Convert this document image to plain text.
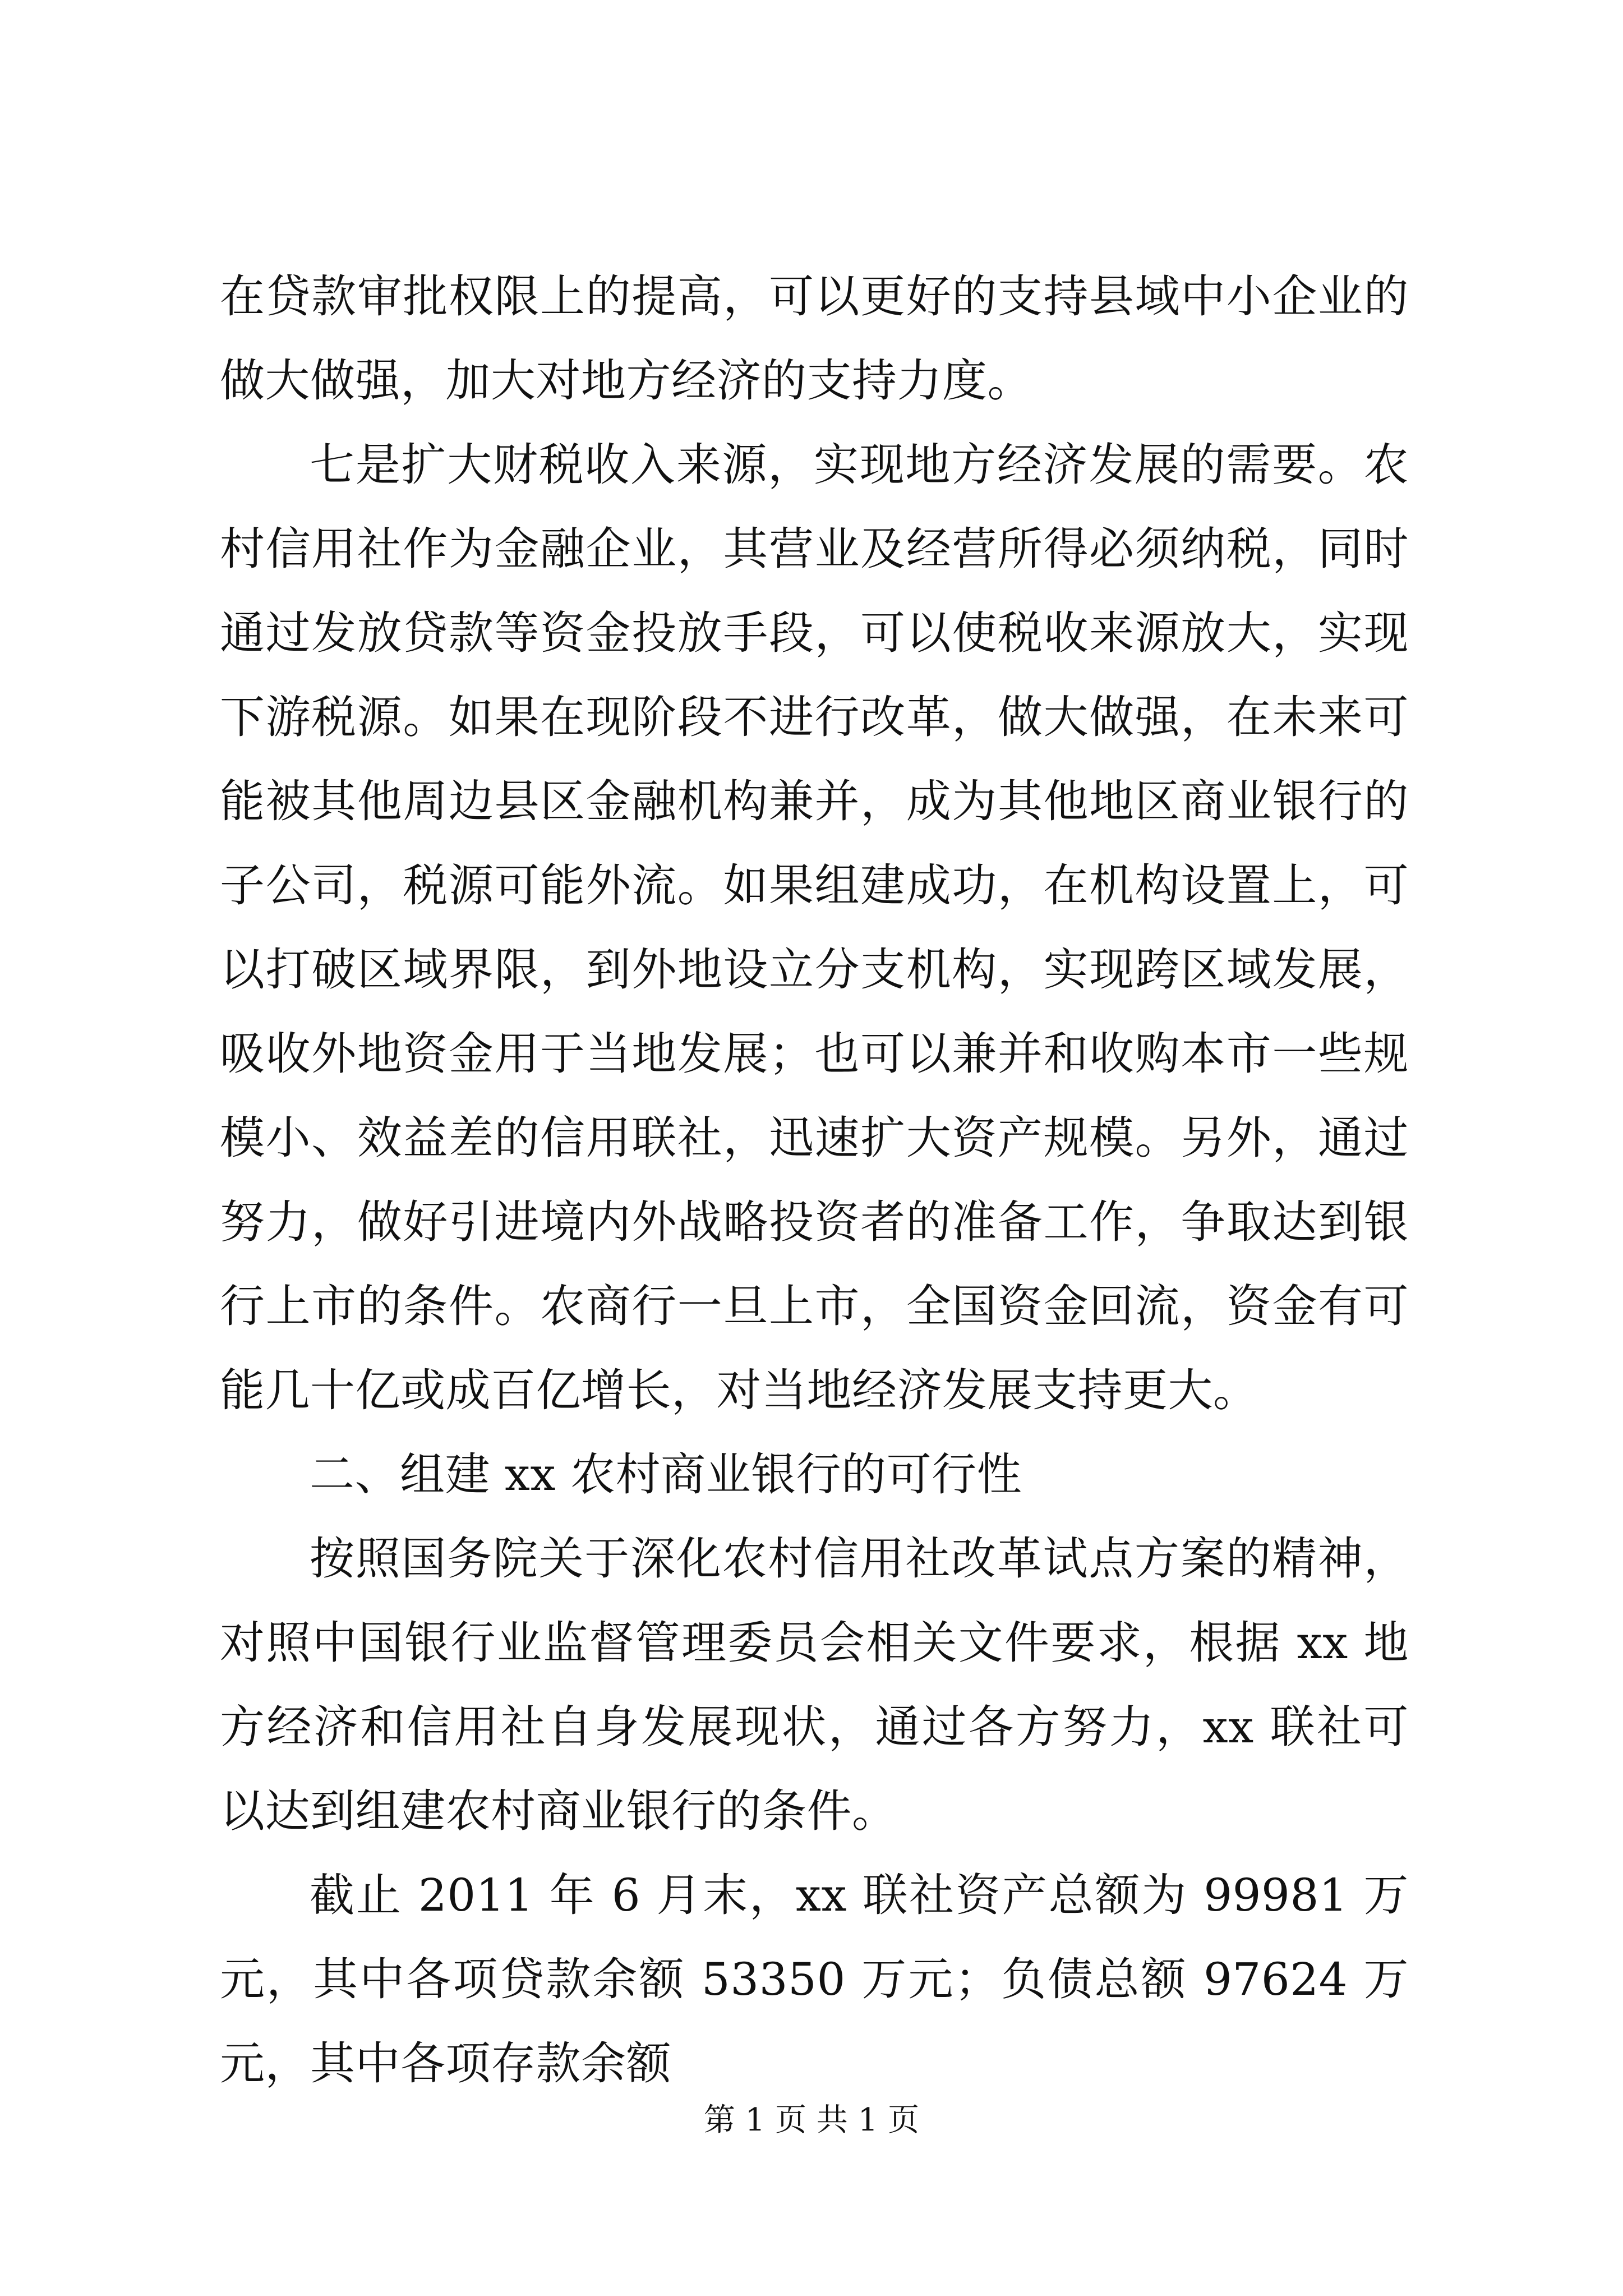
在贷款审批权限上的提高，可以更好的支持县域中小企业的做大做强，加大对地方经济的支持力度。

七是扩大财税收入来源，实现地方经济发展的需要。农村信用社作为金融企业，其营业及经营所得必须纳税，同时通过发放贷款等资金投放手段，可以使税收来源放大，实现下游税源。如果在现阶段不进行改革，做大做强，在未来可能被其他周边县区金融机构兼并，成为其他地区商业银行的子公司，税源可能外流。如果组建成功，在机构设置上，可以打破区域界限，到外地设立分支机构，实现跨区域发展，吸收外地资金用于当地发展；也可以兼并和收购本市一些规模小、效益差的信用联社，迅速扩大资产规模。另外，通过努力，做好引进境内外战略投资者的准备工作，争取达到银行上市的条件。农商行一旦上市，全国资金回流，资金有可能几十亿或成百亿增长，对当地经济发展支持更大。

二、组建 xx 农村商业银行的可行性

按照国务院关于深化农村信用社改革试点方案的精神，对照中国银行业监督管理委员会相关文件要求，根据 xx 地方经济和信用社自身发展现状，通过各方努力，xx 联社可以达到组建农村商业银行的条件。

截止 2011 年 6 月末，xx 联社资产总额为 99981 万元，其中各项贷款余额 53350 万元；负债总额 97624 万元，其中各项存款余额

第 1 页 共 1 页
